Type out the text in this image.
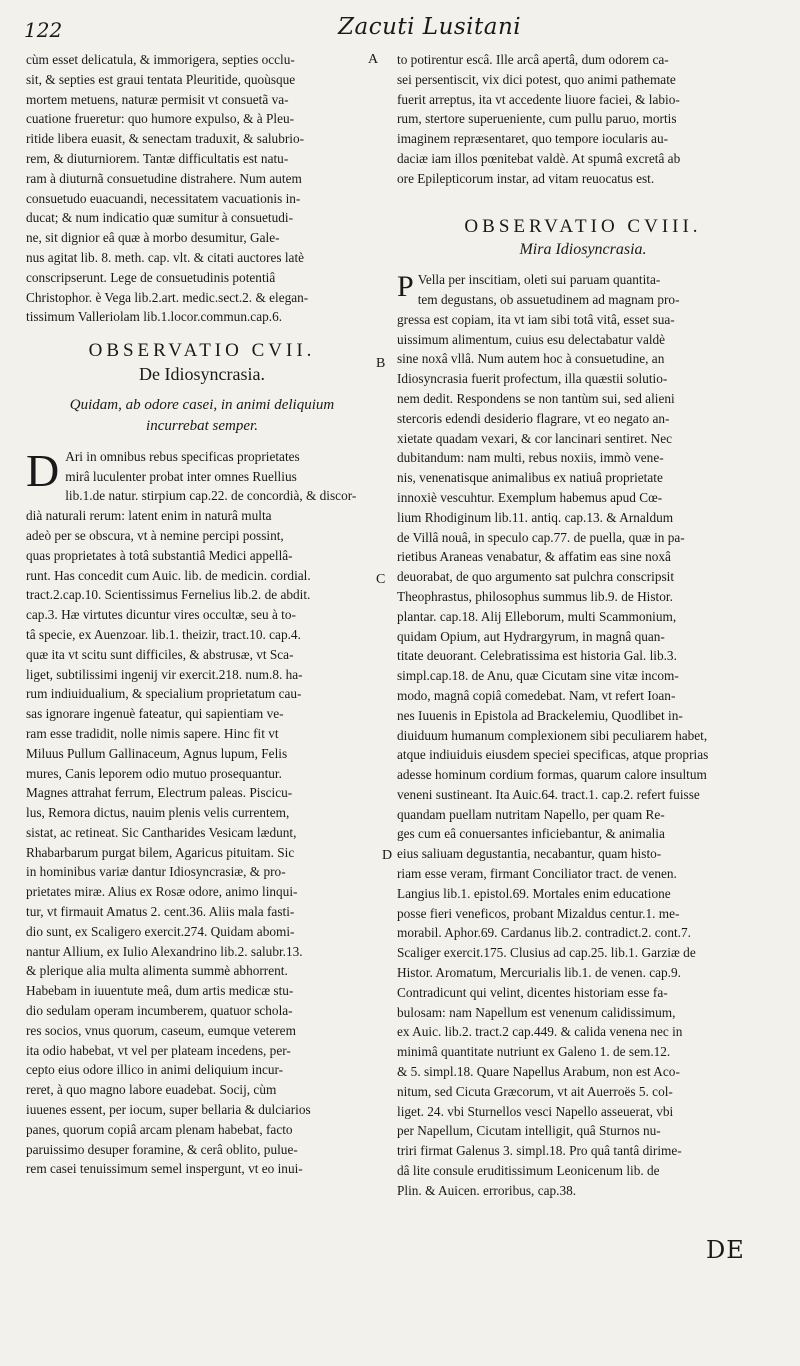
122	Zacuti Lusitani
A
B
C
D
cùm esset delicatula, & immorigera, septies occlu-
sit, & septies est graui tentata Pleuritide, quoùsque
mortem metuens, naturæ permisit vt consuetã va-
cuatione frueretur: quo humore expulso, & à Pleu-
ritide libera euasit, & senectam traduxit, & salubrio-
rem, & diuturniorem. Tantæ difficultatis est natu-
ram à diuturnã consuetudine distrahere. Num autem
consuetudo euacuandi, necessitatem vacuationis in-
ducat; & num indicatio quæ sumitur à consuetudi-
ne, sit dignior eâ quæ à morbo desumitur, Gale-
nus agitat lib. 8. meth. cap. vlt. & citati auctores latè
conscripserunt. Lege de consuetudinis potentiâ
Christophor. è Vega lib.2.art. medic.sect.2. & elegan-
tissimum Valleriolam lib.1.locor.commun.cap.6.
OBSERVATIO CVII.
De Idiosyncrasia.
Quidam, ab odore casei, in animi deliquium
incurrebat semper.
D Ari in omnibus rebus specificas proprietates
mirâ luculenter probat inter omnes Ruellius
lib.1.de natur. stirpium cap.22. de concordià, & discor-
dià naturali rerum: latent enim in naturâ multa
adeò per se obscura, vt à nemine percipi possint,
quas proprietates à totâ substantiâ Medici appellâ-
runt. Has concedit cum Auic. lib. de medicin. cordial.
tract.2.cap.10. Scientissimus Fernelius lib.2. de abdit.
cap.3. Hæ virtutes dicuntur vires occultæ, seu à to-
tâ specie, ex Auenzoar. lib.1. theizir, tract.10. cap.4.
quæ ita vt scitu sunt difficiles, & abstrusæ, vt Sca-
liget, subtilissimi ingenij vir exercit.218. num.8. ha-
rum indiuidualium, & specialium proprietatum cau-
sas ignorare ingenuè fateatur, qui sapientiam ve-
ram esse tradidit, nolle nimis sapere. Hinc fit vt
Miluus Pullum Gallinaceum, Agnus lupum, Felis
mures, Canis leporem odio mutuo prosequantur.
Magnes attrahat ferrum, Electrum paleas. Piscicu-
lus, Remora dictus, nauim plenis velis currentem,
sistat, ac retineat. Sic Cantharides Vesicam lædunt,
Rhabarbarum purgat bilem, Agaricus pituitam. Sic
in hominibus variæ dantur Idiosyncrasiæ, & pro-
prietates miræ. Alius ex Rosæ odore, animo linqui-
tur, vt firmauit Amatus 2. cent.36. Aliis mala fasti-
dio sunt, ex Scaligero exercit.274. Quidam abomi-
nantur Allium, ex Iulio Alexandrino lib.2. salubr.13.
& plerique alia multa alimenta summè abhorrent.
Habebam in iuuentute meâ, dum artis medicæ stu-
dio sedulam operam incumberem, quatuor schola-
res socios, vnus quorum, caseum, eumque veterem
ita odio habebat, vt vel per plateam incedens, per-
cepto eius odore illico in animi deliquium incur-
reret, à quo magno labore euadebat. Socij, cùm
iuuenes essent, per iocum, super bellaria & dulciarios
panes, quorum copiâ arcam plenam habebat, facto
paruissimo desuper foramine, & cerâ oblito, pulue-
rem casei tenuissimum semel inspergunt, vt eo inui-
to potirentur escâ. Ille arcâ apertâ, dum odorem ca-
sei persentiscit, vix dici potest, quo animi pathemate
fuerit arreptus, ita vt accedente liuore faciei, & labio-
rum, stertore superueniente, cum pullu paruo, mortis
imaginem repræsentaret, quo tempore iocularis au-
daciæ iam illos pœnitebat valdè. At spumâ excretâ ab
ore Epilepticorum instar, ad vitam reuocatus est.
OBSERVATIO CVIII.
Mira Idiosyncrasia.
P Vella per inscitiam, oleti sui paruam quantita-
tem degustans, ob assuetudinem ad magnam pro-
gressa est copiam, ita vt iam sibi totâ vitâ, esset sua-
uissimum alimentum, cuius esu delectabatur valdè
sine noxâ vllâ. Num autem hoc à consuetudine, an
Idiosyncrasia fuerit profectum, illa quæstii solutio-
nem dedit. Respondens se non tantùm sui, sed alieni
stercoris edendi desiderio flagrare, vt eo negato an-
xietate quadam vexari, & cor lancinari sentiret. Nec
dubitandum: nam multi, rebus noxiis, immò vene-
nis, venenatisque animalibus ex natiuâ proprietate
innoxiè vescuhtur. Exemplum habemus apud Cœ-
lium Rhodiginum lib.11. antiq. cap.13. & Arnaldum
de Villâ nouâ, in speculo cap.77. de puella, quæ in pa-
rietibus Araneas venabatur, & affatim eas sine noxâ
deuorabat, de quo argumento sat pulchra conscripsit
Theophrastus, philosophus summus lib.9. de Histor.
plantar. cap.18. Alij Elleborum, multi Scammonium,
quidam Opium, aut Hydrargyrum, in magnâ quan-
titate deuorant. Celebratissima est historia Gal. lib.3.
simpl.cap.18. de Anu, quæ Cicutam sine vitæ incom-
modo, magnâ copiâ comedebat. Nam, vt refert Ioan-
nes Iuuenis in Epistola ad Brackelemiu, Quodlibet in-
diuiduum humanum complexionem sibi peculiarem habet,
atque indiuiduis eiusdem speciei specificas, atque proprias
adesse hominum cordium formas, quarum calore insultum
veneni sustineant. Ita Auic.64. tract.1. cap.2. refert fuisse
quandam puellam nutritam Napello, per quam Re-
ges cum eâ conuersantes inficiebantur, & animalia
eius saliuam degustantia, necabantur, quam histo-
riam esse veram, firmant Conciliator tract. de venen.
Langius lib.1. epistol.69. Mortales enim educatione
posse fieri veneficos, probant Mizaldus centur.1. me-
morabil. Aphor.69. Cardanus lib.2. contradict.2. cont.7.
Scaliger exercit.175. Clusius ad cap.25. lib.1. Garziæ de
Histor. Aromatum, Mercurialis lib.1. de venen. cap.9.
Contradicunt qui velint, dicentes historiam esse fa-
bulosam: nam Napellum est venenum calidissimum,
ex Auic. lib.2. tract.2 cap.449. & calida venena nec in
minimâ quantitate nutriunt ex Galeno 1. de sem.12.
& 5. simpl.18. Quare Napellus Arabum, non est Aco-
nitum, sed Cicuta Græcorum, vt ait Auerroës 5. col-
liget. 24. vbi Sturnellos vesci Napello asseuerat, vbi
per Napellum, Cicutam intelligit, quâ Sturnos nu-
triri firmat Galenus 3. simpl.18. Pro quâ tantâ dirime-
dâ lite consule eruditissimum Leonicenum lib. de
Plin. & Auicen. erroribus, cap.38.
DE
